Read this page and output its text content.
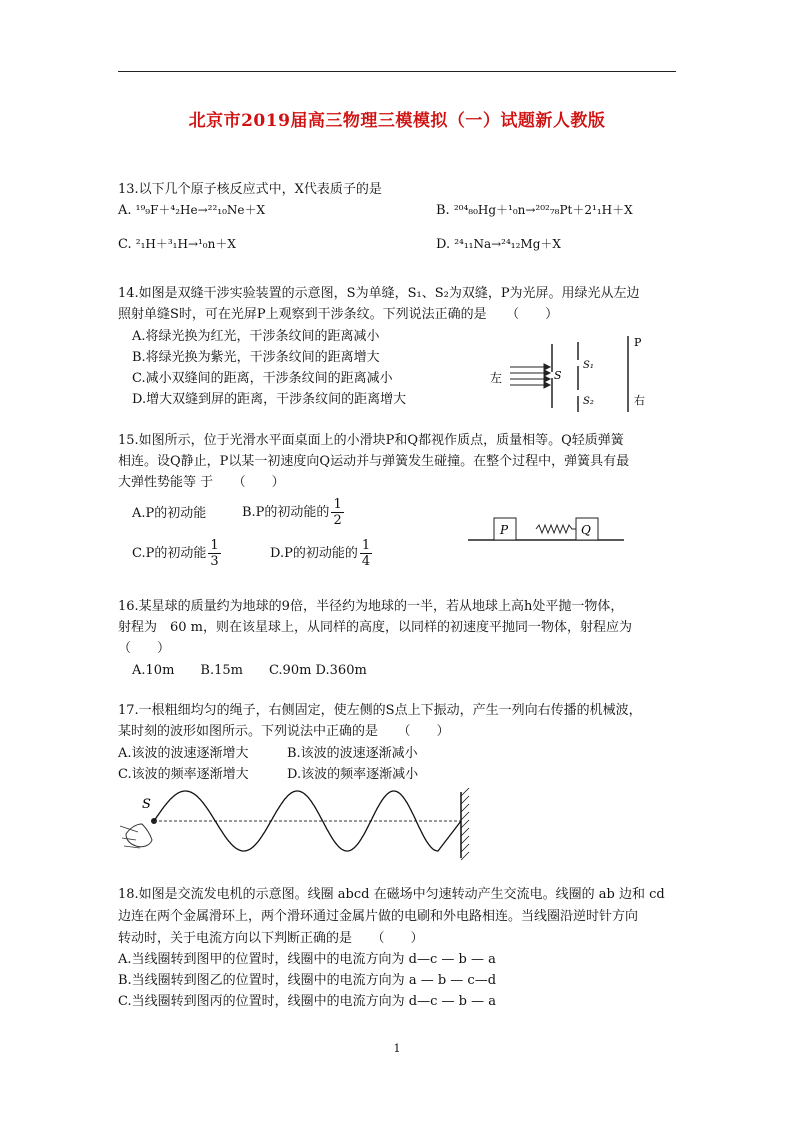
北京市2019届高三物理三模模拟（一）试题新人教版
13.以下几个原子核反应式中，X代表质子的是
A. ¹⁹₉F＋⁴₂He→²²₁₀Ne＋X	B. ²⁰⁴₈₀Hg＋¹₀n→²⁰²₇₈Pt＋2¹₁H＋X
C. ²₁H＋³₁H→¹₀n＋X	D. ²⁴₁₁Na→²⁴₁₂Mg＋X
14.如图是双缝干涉实验装置的示意图，S为单缝，S₁、S₂为双缝，P为光屏。用绿光从左边
照射单缝S时，可在光屏P上观察到干涉条纹。下列说法正确的是　　（　　）
A.将绿光换为红光，干涉条纹间的距离减小
B.将绿光换为紫光，干涉条纹间的距离增大
C.减小双缝间的距离，干涉条纹间的距离减小
D.增大双缝到屏的距离，干涉条纹间的距离增大
左	S
S₁
S₂
P
右
15.如图所示，位于光滑水平面桌面上的小滑块P和Q都视作质点，质量相等。Q轻质弹簧
相连。设Q静止，P以某一初速度向Q运动并与弹簧发生碰撞。在整个过程中，弹簧具有最
大弹性势能等 于　　（　　）
A.P的初动能	B.P的初动能的 $\frac{1}{2}$
C.P的初动能 $\frac{1}{3}$	D.P的初动能的 $\frac{1}{4}$
P	Q
16.某星球的质量约为地球的9倍，半径约为地球的一半，若从地球上高h处平抛一物体，
射程为　60 m，则在该星球上，从同样的高度，以同样的初速度平抛同一物体，射程应为
（　　）
A.10m　　B.15m　　C.90m D.360m
17.一根粗细均匀的绳子，右侧固定，使左侧的S点上下振动，产生一列向右传播的机械波，
某时刻的波形如图所示。下列说法中正确的是　　（　　）
A.该波的波速逐渐增大	B.该波的波速逐渐减小
C.该波的频率逐渐增大	D.该波的频率逐渐减小
S
18.如图是交流发电机的示意图。线圈 abcd 在磁场中匀速转动产生交流电。线圈的 ab 边和 cd
边连在两个金属滑环上，两个滑环通过金属片做的电刷和外电路相连。当线圈沿逆时针方向
转动时，关于电流方向以下判断正确的是　　（　　）
A.当线圈转到图甲的位置时，线圈中的电流方向为 d—c — b — a
B.当线圈转到图乙的位置时，线圈中的电流方向为 a — b — c—d
C.当线圈转到图丙的位置时，线圈中的电流方向为 d—c — b — a
1
